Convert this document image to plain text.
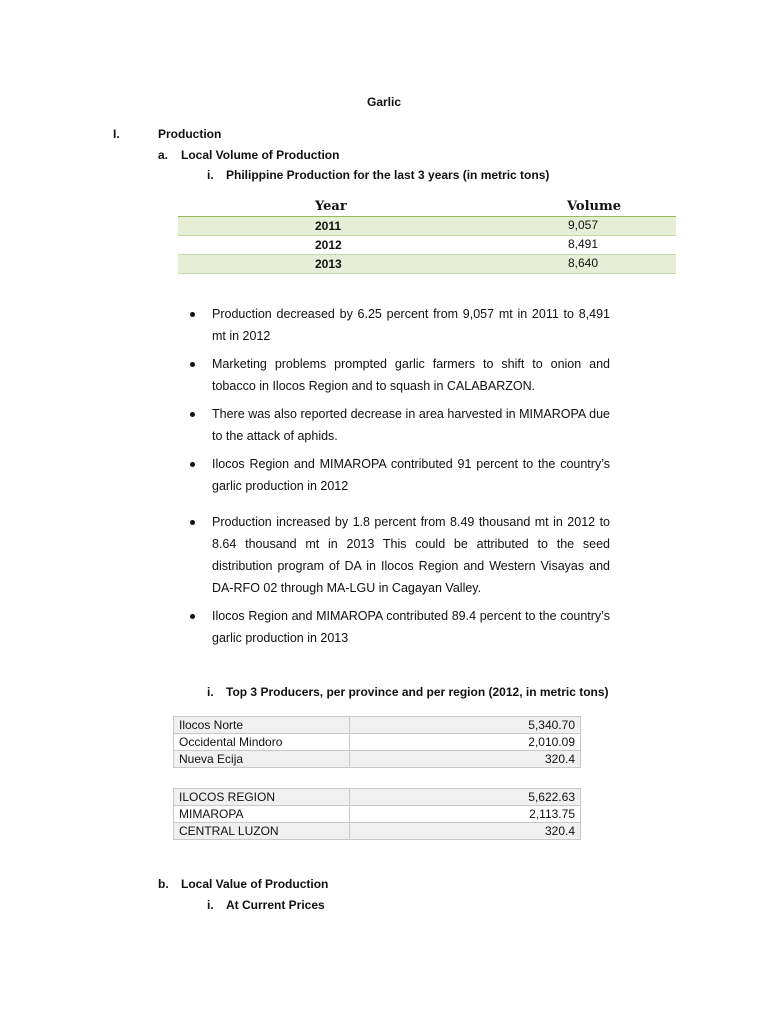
Garlic
I.	Production
a. Local Volume of Production
i. Philippine Production for the last 3 years (in metric tons)
Year	Volume
2011	9,057
2012	8,491
2013	8,640
Production decreased by 6.25 percent from 9,057 mt in 2011 to 8,491 mt in 2012
Marketing problems prompted garlic farmers to shift to onion and tobacco in Ilocos Region and to squash in CALABARZON.
There was also reported decrease in area harvested in MIMAROPA due to the attack of aphids.
Ilocos Region and MIMAROPA contributed 91 percent to the country’s garlic production in 2012
Production increased by 1.8 percent from 8.49 thousand mt in 2012 to 8.64 thousand mt in 2013 This could be attributed to the seed distribution program of DA in Ilocos Region and Western Visayas and DA-RFO 02 through MA-LGU in Cagayan Valley.
Ilocos Region and MIMAROPA contributed 89.4 percent to the country’s garlic production in 2013
i. Top 3 Producers, per province and per region (2012, in metric tons)
Ilocos Norte	5,340.70
Occidental Mindoro	2,010.09
Nueva Ecija	320.4
ILOCOS REGION	5,622.63
MIMAROPA	2,113.75
CENTRAL LUZON	320.4
b. Local Value of Production
i. At Current Prices
